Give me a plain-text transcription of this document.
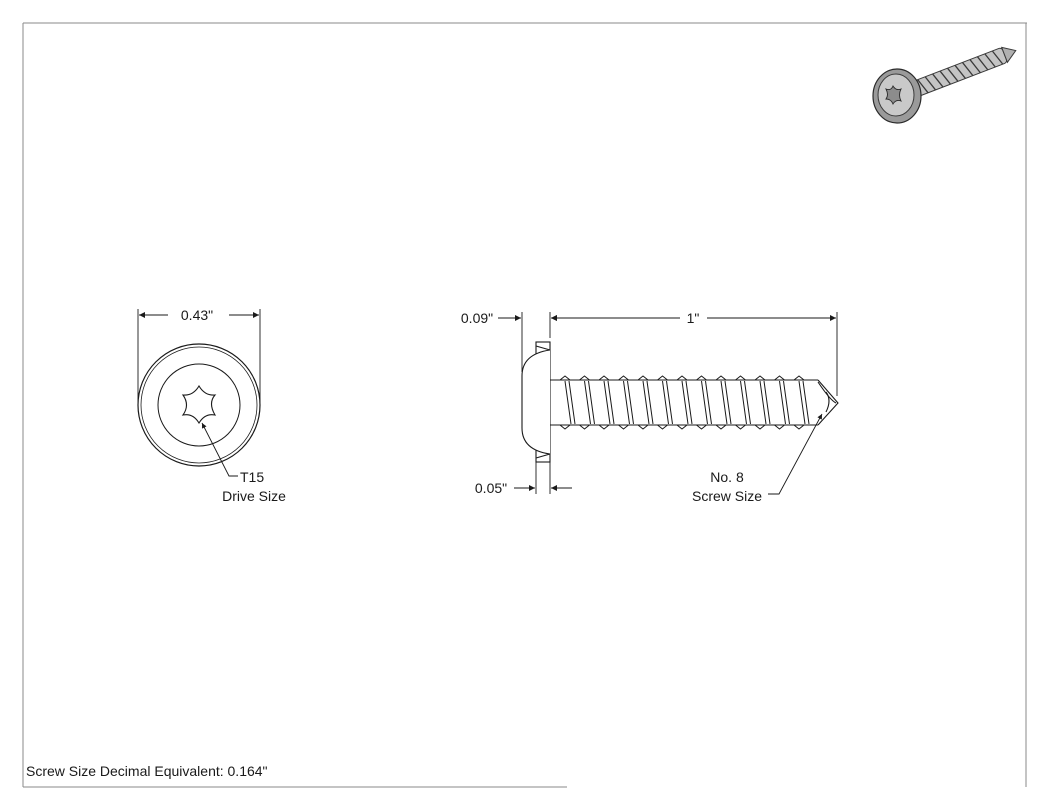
0.43"
T15
Drive Size
1"
0.09"
0.05"
No. 8
Screw Size
Screw Size Decimal Equivalent: 0.164"
